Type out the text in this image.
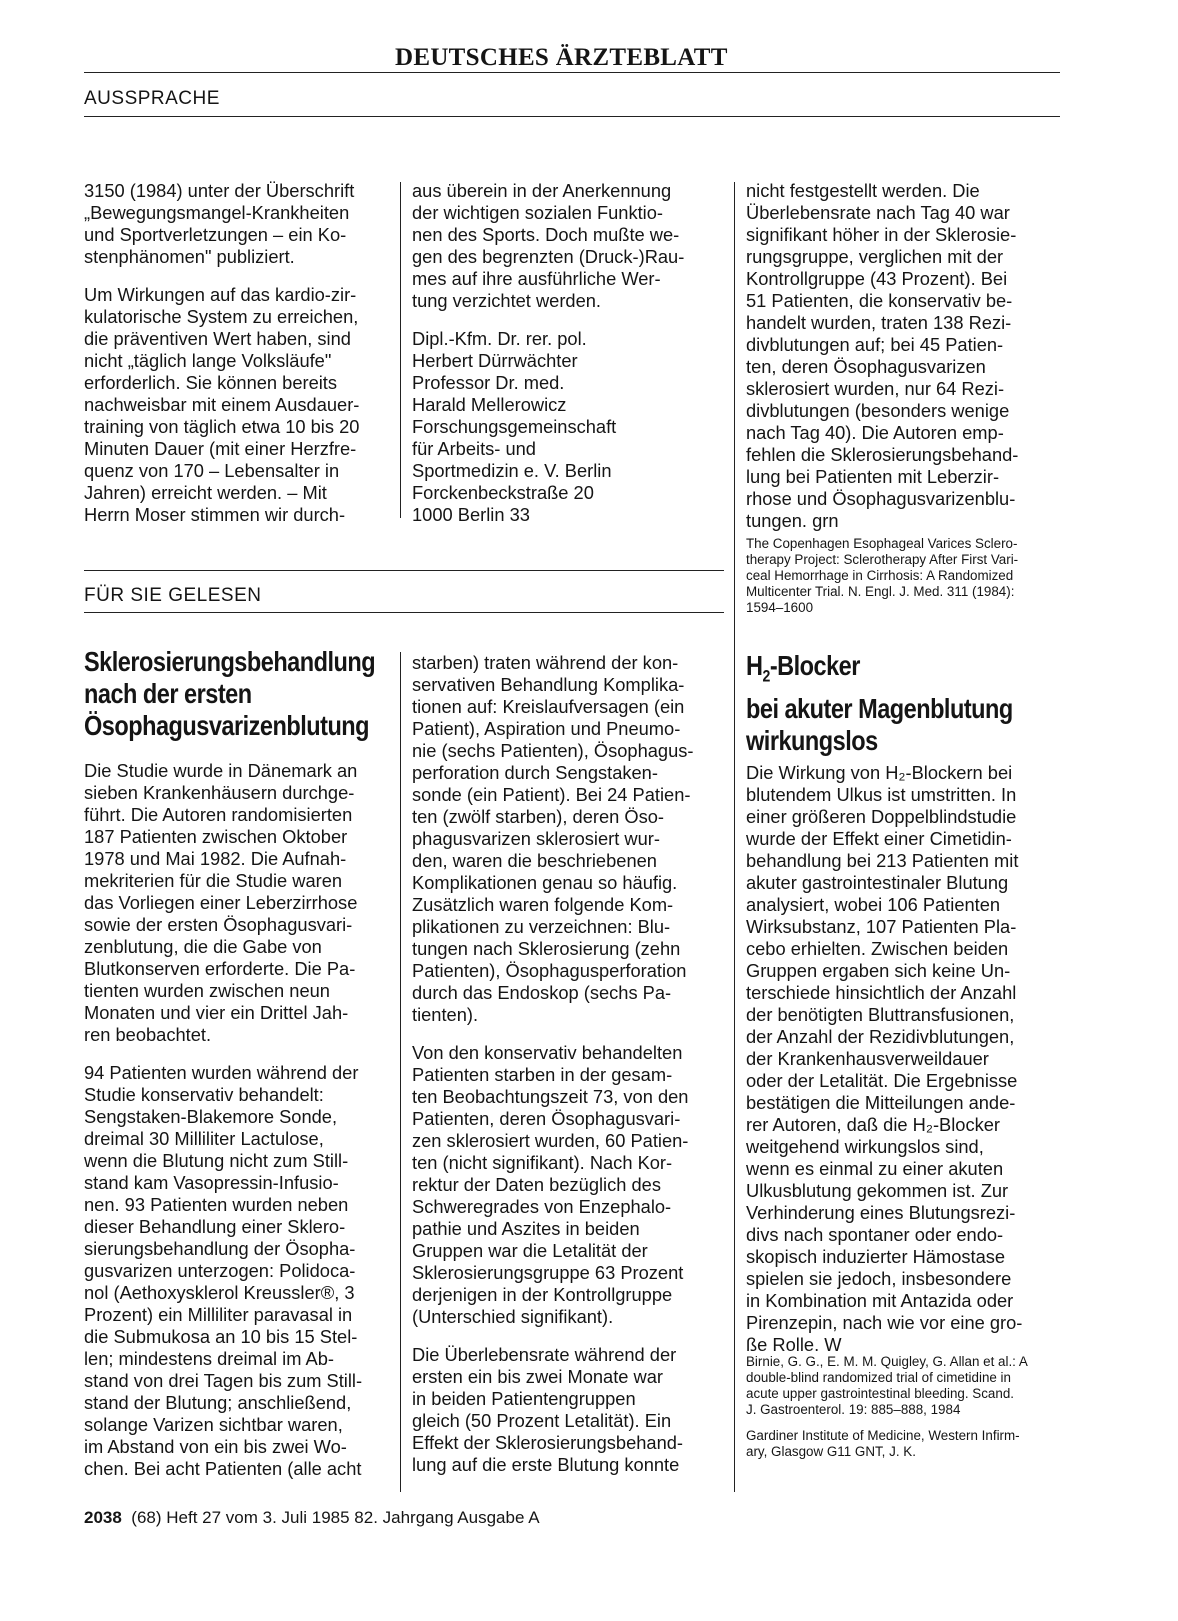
DEUTSCHES ÄRZTEBLATT
AUSSPRACHE

3150 (1984) unter der Überschrift
„Bewegungsmangel-Krankheiten
und Sportverletzungen – ein Ko-
stenphänomen" publiziert.

Um Wirkungen auf das kardio-zir-
kulatorische System zu erreichen,
die präventiven Wert haben, sind
nicht „täglich lange Volksläufe"
erforderlich. Sie können bereits
nachweisbar mit einem Ausdauer-
training von täglich etwa 10 bis 20
Minuten Dauer (mit einer Herzfre-
quenz von 170 – Lebensalter in
Jahren) erreicht werden. – Mit
Herrn Moser stimmen wir durch-

aus überein in der Anerkennung
der wichtigen sozialen Funktio-
nen des Sports. Doch mußte we-
gen des begrenzten (Druck-)Rau-
mes auf ihre ausführliche Wer-
tung verzichtet werden.

Dipl.-Kfm. Dr. rer. pol.
Herbert Dürrwächter
Professor Dr. med.
Harald Mellerowicz
Forschungsgemeinschaft
für Arbeits- und
Sportmedizin e. V. Berlin
Forckenbeckstraße 20
1000 Berlin 33

nicht festgestellt werden. Die
Überlebensrate nach Tag 40 war
signifikant höher in der Sklerosie-
rungsgruppe, verglichen mit der
Kontrollgruppe (43 Prozent). Bei
51 Patienten, die konservativ be-
handelt wurden, traten 138 Rezi-
divblutungen auf; bei 45 Patien-
ten, deren Ösophagusvarizen
sklerosiert wurden, nur 64 Rezi-
divblutungen (besonders wenige
nach Tag 40). Die Autoren emp-
fehlen die Sklerosierungsbehand-
lung bei Patienten mit Leberzir-
rhose und Ösophagusvarizenblu-
tungen. grn

The Copenhagen Esophageal Varices Sclero-
therapy Project: Sclerotherapy After First Vari-
ceal Hemorrhage in Cirrhosis: A Randomized
Multicenter Trial. N. Engl. J. Med. 311 (1984):
1594–1600

FÜR SIE GELESEN
Sklerosierungsbehandlung
nach der ersten
Ösophagusvarizenblutung

Die Studie wurde in Dänemark an
sieben Krankenhäusern durchge-
führt. Die Autoren randomisierten
187 Patienten zwischen Oktober
1978 und Mai 1982. Die Aufnah-
mekriterien für die Studie waren
das Vorliegen einer Leberzirrhose
sowie der ersten Ösophagusvari-
zenblutung, die die Gabe von
Blutkonserven erforderte. Die Pa-
tienten wurden zwischen neun
Monaten und vier ein Drittel Jah-
ren beobachtet.

94 Patienten wurden während der
Studie konservativ behandelt:
Sengstaken-Blakemore Sonde,
dreimal 30 Milliliter Lactulose,
wenn die Blutung nicht zum Still-
stand kam Vasopressin-Infusio-
nen. 93 Patienten wurden neben
dieser Behandlung einer Sklero-
sierungsbehandlung der Ösopha-
gusvarizen unterzogen: Polidoca-
nol (Aethoxysklerol Kreussler®, 3
Prozent) ein Milliliter paravasal in
die Submukosa an 10 bis 15 Stel-
len; mindestens dreimal im Ab-
stand von drei Tagen bis zum Still-
stand der Blutung; anschließend,
solange Varizen sichtbar waren,
im Abstand von ein bis zwei Wo-
chen. Bei acht Patienten (alle acht

starben) traten während der kon-
servativen Behandlung Komplika-
tionen auf: Kreislaufversagen (ein
Patient), Aspiration und Pneumo-
nie (sechs Patienten), Ösophagus-
perforation durch Sengstaken-
sonde (ein Patient). Bei 24 Patien-
ten (zwölf starben), deren Öso-
phagusvarizen sklerosiert wur-
den, waren die beschriebenen
Komplikationen genau so häufig.
Zusätzlich waren folgende Kom-
plikationen zu verzeichnen: Blu-
tungen nach Sklerosierung (zehn
Patienten), Ösophagusperforation
durch das Endoskop (sechs Pa-
tienten).

Von den konservativ behandelten
Patienten starben in der gesam-
ten Beobachtungszeit 73, von den
Patienten, deren Ösophagusvari-
zen sklerosiert wurden, 60 Patien-
ten (nicht signifikant). Nach Kor-
rektur der Daten bezüglich des
Schweregrades von Enzephalo-
pathie und Aszites in beiden
Gruppen war die Letalität der
Sklerosierungsgruppe 63 Prozent
derjenigen in der Kontrollgruppe
(Unterschied signifikant).

Die Überlebensrate während der
ersten ein bis zwei Monate war
in beiden Patientengruppen
gleich (50 Prozent Letalität). Ein
Effekt der Sklerosierungsbehand-
lung auf die erste Blutung konnte

$H_2$-Blocker
bei akuter Magenblutung
wirkungslos

Die Wirkung von H₂-Blockern bei
blutendem Ulkus ist umstritten. In
einer größeren Doppelblindstudie
wurde der Effekt einer Cimetidin-
behandlung bei 213 Patienten mit
akuter gastrointestinaler Blutung
analysiert, wobei 106 Patienten
Wirksubstanz, 107 Patienten Pla-
cebo erhielten. Zwischen beiden
Gruppen ergaben sich keine Un-
terschiede hinsichtlich der Anzahl
der benötigten Bluttransfusionen,
der Anzahl der Rezidivblutungen,
der Krankenhausverweildauer
oder der Letalität. Die Ergebnisse
bestätigen die Mitteilungen ande-
rer Autoren, daß die H₂-Blocker
weitgehend wirkungslos sind,
wenn es einmal zu einer akuten
Ulkusblutung gekommen ist. Zur
Verhinderung eines Blutungsrezi-
divs nach spontaner oder endo-
skopisch induzierter Hämostase
spielen sie jedoch, insbesondere
in Kombination mit Antazida oder
Pirenzepin, nach wie vor eine gro-
ße Rolle. W

Birnie, G. G., E. M. M. Quigley, G. Allan et al.: A
double-blind randomized trial of cimetidine in
acute upper gastrointestinal bleeding. Scand.
J. Gastroenterol. 19: 885–888, 1984

Gardiner Institute of Medicine, Western Infirm-
ary, Glasgow G11 GNT, J. K.

2038 (68) Heft 27 vom 3. Juli 1985 82. Jahrgang Ausgabe A
